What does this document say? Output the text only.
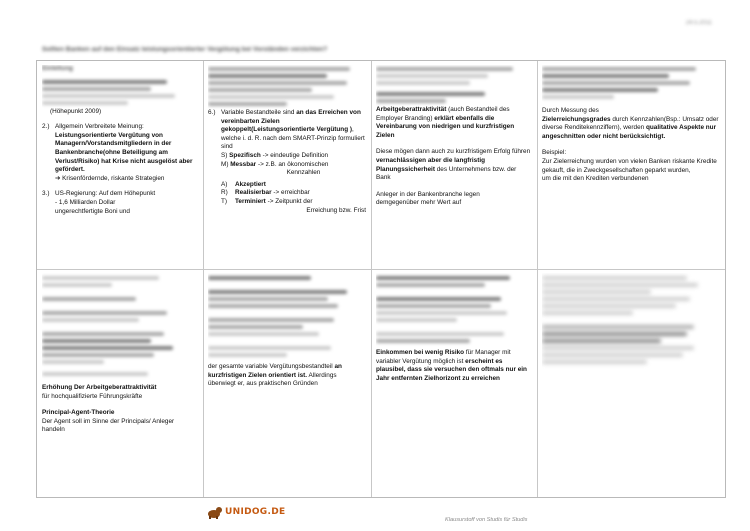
24.5.2011
Sollten Banken auf den Einsatz leistungsorientierter Vergütung bei Vorständen verzichten?
Einleitung

(Höhepunkt 2009)

2.) Allgemein Verbreitete Meinung:

Leistungsorientierte Vergütung von Managern/Vorstandsmitgliedern in der Bankenbranche(ohne Beteiligung am Verlust/Risiko) hat Krise nicht ausgelöst aber gefördert.

➔ Krisenfördernde, riskante Strategien

3.) US-Regierung: Auf dem Höhepunkt

- 1,6 Milliarden Dollar

ungerechtfertigte Boni und

6.) Variable Bestandteile sind an das Erreichen von vereinbarten Zielen gekoppelt(Leistungsorientierte Vergütung ), welche i. d. R. nach dem SMART-Prinzip formuliert sind

S) Spezifisch -> eindeutige Definition

M) Messbar -> z.B. an ökonomischen

Kennzahlen

A) Akzeptiert

R) Realisierbar -> erreichbar

T) Terminiert -> Zeitpunkt der

Erreichung bzw. Frist

Arbeitgeberattraktivität (auch Bestandteil des Employer Branding) erklärt ebenfalls die Vereinbarung von niedrigen und kurzfristigen Zielen

Diese mögen dann auch zu kurzfristigem Erfolg führen vernachlässigen aber die langfristig Planungssicherheit des Unternehmens bzw. der Bank

Anleger in der Bankenbranche legen

demgegenüber mehr Wert auf

Durch Messung des

Zielerreichungsgrades durch Kennzahlen(Bsp.: Umsatz oder diverse Renditekennziffern), werden qualitative Aspekte nur angeschnitten oder nicht berücksichtigt.

Beispiel:

Zur Zielerreichung wurden von vielen Banken riskante Kredite gekauft, die in Zweckgesellschaften geparkt wurden,

um die mit den Krediten verbundenen

Erhöhung Der Arbeitgeberattraktivität

für hochqualifizierte Führungskräfte

Principal-Agent-Theorie

Der Agent soll im Sinne der Principals/ Anleger handeln

der gesamte variable Vergütungsbestandteil an kurzfristigen Zielen orientiert ist. Allerdings überwiegt er, aus praktischen Gründen

Einkommen bei wenig Risiko für Manager mit variabler Vergütung möglich ist erscheint es plausibel, dass sie versuchen den oftmals nur ein Jahr entfernten Zielhorizont zu erreichen

UNIDOG.DE
Klausurstoff von Studis für Studis
